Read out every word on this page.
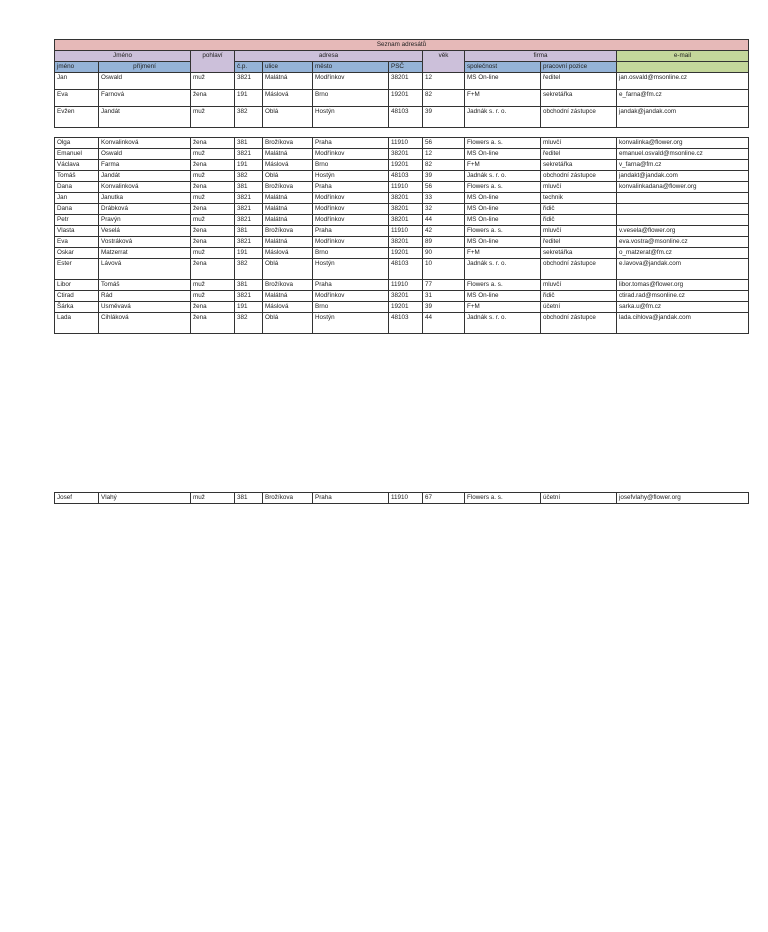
Seznam adresátů										
Jméno		pohlaví	adresa				věk	firma		e-mail
jméno	příjmení		č.p.	ulice	město	PSČ		společnost	pracovní pozice	
Jan	Oswald	muž	3821	Malátná	Modřínkov	38201	12	MS On-line	ředitel	jan.osvald@msonline.cz
Eva	Farnová	žena	191	Máslová	Brno	19201	82	F+M	sekretářka	e_farna@fm.cz
Evžen	Jandát	muž	382	Oblá	Hostýn	48103	39	Jadnák s. r. o.	obchodní zástupce	jandak@jandak.com

Olga	Konvalinková	žena	381	Brožíkova	Praha	11910	56	Flowers a. s.	mluvčí	konvalinka@flower.org
Emanuel	Oswald	muž	3821	Malátná	Modřínkov	38201	12	MS On-line	ředitel	emanuel.osvald@msonline.cz
Václava	Farma	žena	191	Máslová	Brno	19201	82	F+M	sekretářka	v_farna@fm.cz
Tomáš	Jandát	muž	382	Oblá	Hostýn	48103	39	Jadnák s. r. o.	obchodní zástupce	jandakt@jandak.com
Dana	Konvalinková	žena	381	Brožíkova	Praha	11910	56	Flowers a. s.	mluvčí	konvalinkadana@flower.org
Jan	Janutka	muž	3821	Malátná	Modřínkov	38201	33	MS On-line	technik	
Dana	Drábková	žena	3821	Malátná	Modřínkov	38201	32	MS On-line	řidič	
Petr	Pravýn	muž	3821	Malátná	Modřínkov	38201	44	MS On-line	řidič	
Vlasta	Veselá	žena	381	Brožíkova	Praha	11910	42	Flowers a. s.	mluvčí	v.vesela@flower.org
Eva	Vostráková	žena	3821	Malátná	Modřínkov	38201	89	MS On-line	ředitel	eva.vostra@msonline.cz
Oskar	Matzerrat	muž	191	Máslová	Brno	19201	90	F+M	sekretářka	o_matzerat@fm.cz
Ester	Lávová	žena	382	Oblá	Hostýn	48103	10	Jadnák s. r. o.	obchodní zástupce	e.lavova@jandak.com
Libor	Tomáš	muž	381	Brožíkova	Praha	11910	77	Flowers a. s.	mluvčí	libor.tomas@flower.org
Ctirad	Rád	muž	3821	Malátná	Modřínkov	38201	31	MS On-line	řidič	ctirad.rad@msonline.cz
Šárka	Usměvavá	žena	191	Máslová	Brno	19201	39	F+M	účetní	sarka.u@fm.cz
Lada	Cihláková	žena	382	Oblá	Hostýn	48103	44	Jadnák s. r. o.	obchodní zástupce	lada.cihlova@jandak.com
Josef	Vlahý	muž	381	Brožíkova	Praha	11910	67	Flowers a. s.	účetní	josefvlahy@flower.org
